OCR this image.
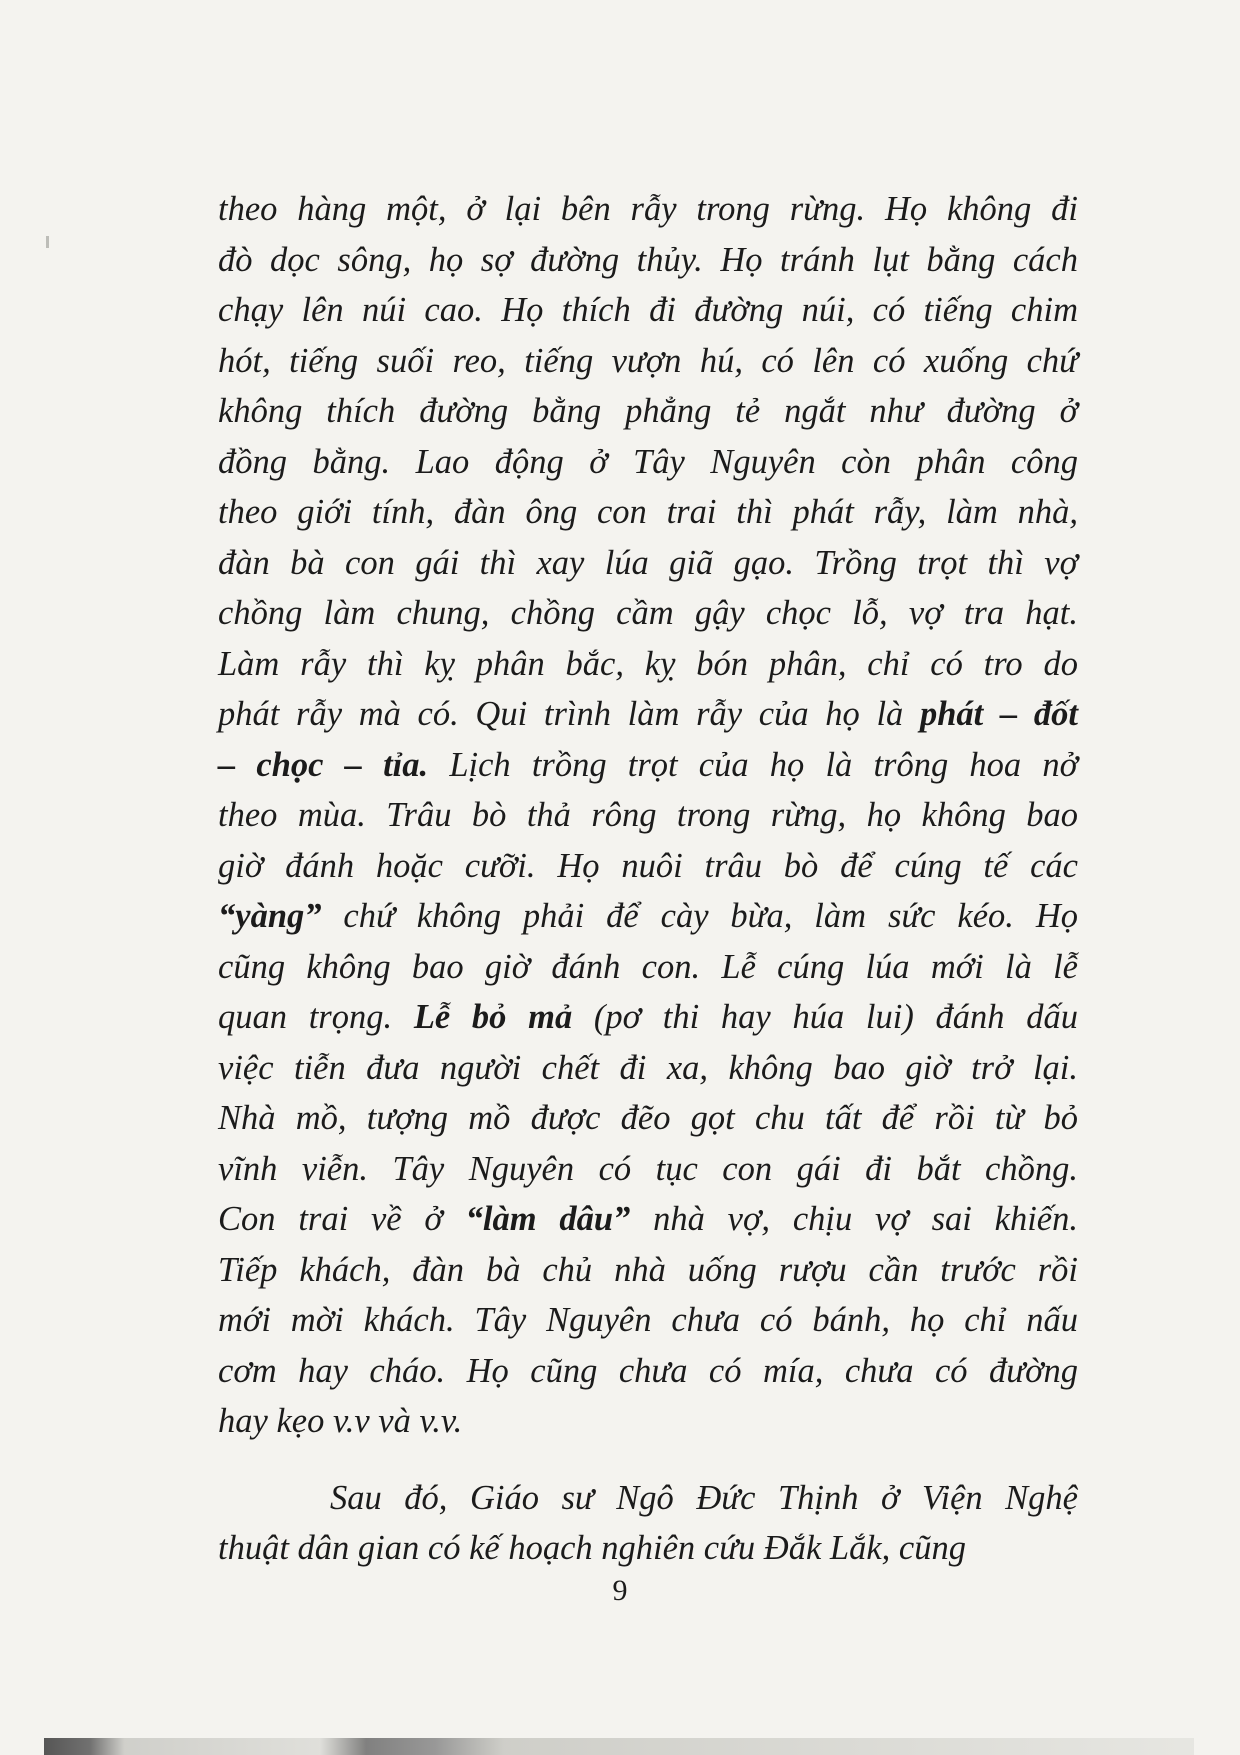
theo hàng một, ở lại bên rẫy trong rừng. Họ không đi
đò dọc sông, họ sợ đường thủy. Họ tránh lụt bằng cách
chạy lên núi cao. Họ thích đi đường núi, có tiếng chim
hót, tiếng suối reo, tiếng vượn hú, có lên có xuống chứ
không thích đường bằng phẳng tẻ ngắt như đường ở
đồng bằng. Lao động ở Tây Nguyên còn phân công
theo giới tính, đàn ông con trai thì phát rẫy, làm nhà,
đàn bà con gái thì xay lúa giã gạo. Trồng trọt thì vợ
chồng làm chung, chồng cầm gậy chọc lỗ, vợ tra hạt.
Làm rẫy thì kỵ phân bắc, kỵ bón phân, chỉ có tro do
phát rẫy mà có. Qui trình làm rẫy của họ là phát – đốt
– chọc – tỉa. Lịch trồng trọt của họ là trông hoa nở
theo mùa. Trâu bò thả rông trong rừng, họ không bao
giờ đánh hoặc cưỡi. Họ nuôi trâu bò để cúng tế các
“yàng” chứ không phải để cày bừa, làm sức kéo. Họ
cũng không bao giờ đánh con. Lễ cúng lúa mới là lễ
quan trọng. Lễ bỏ mả (pơ thi hay húa lui) đánh dấu
việc tiễn đưa người chết đi xa, không bao giờ trở lại.
Nhà mồ, tượng mồ được đẽo gọt chu tất để rồi từ bỏ
vĩnh viễn. Tây Nguyên có tục con gái đi bắt chồng.
Con trai về ở “làm dâu” nhà vợ, chịu vợ sai khiến.
Tiếp khách, đàn bà chủ nhà uống rượu cần trước rồi
mới mời khách. Tây Nguyên chưa có bánh, họ chỉ nấu
cơm hay cháo. Họ cũng chưa có mía, chưa có đường
hay kẹo v.v và v.v.
Sau đó, Giáo sư Ngô Đức Thịnh ở Viện Nghệ
thuật dân gian có kế hoạch nghiên cứu Đắk Lắk, cũng
9
